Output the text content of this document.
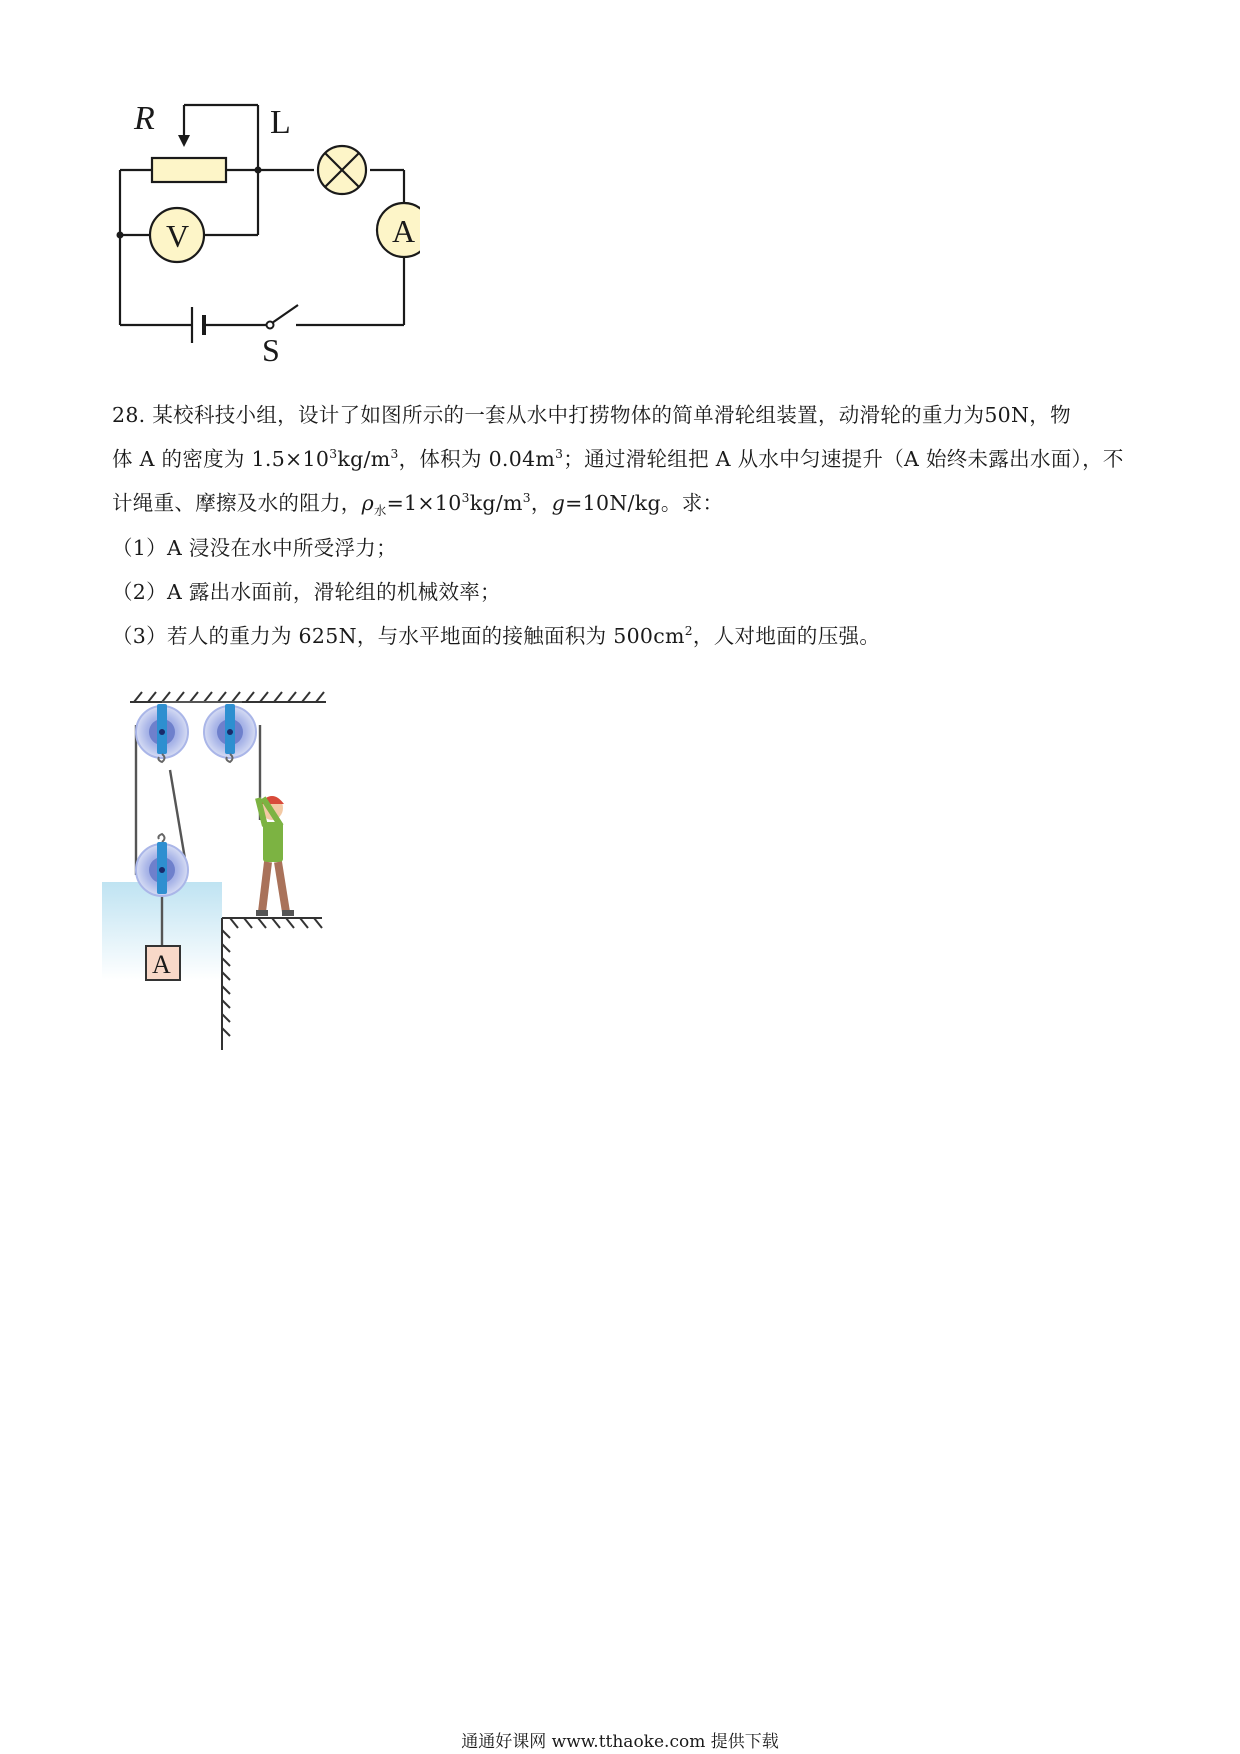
R	L
V	A
S
28. 某校科技小组，设计了如图所示的一套从水中打捞物体的简单滑轮组装置，动滑轮的重力为50N，物
体 A 的密度为 $1.5\times 10^3kg/m^3$，体积为 $0.04m^3$；通过滑轮组把 A 从水中匀速提升（A 始终未露出水面），不
计绳重、摩擦及水的阻力，$\rho_水=1\times 10^3kg/m^3$，g=10N/kg。求：
（1）A 浸没在水中所受浮力；
（2）A 露出水面前，滑轮组的机械效率；
（3）若人的重力为 625N，与水平地面的接触面积为 $500cm^2$，人对地面的压强。
A
通通好课网 www.tthaoke.com 提供下载
